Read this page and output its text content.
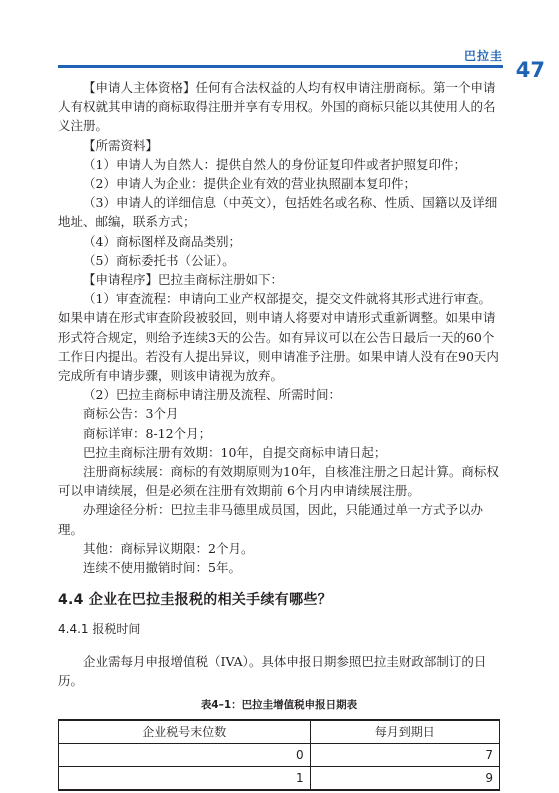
巴拉圭
47

【申请人主体资格】任何有合法权益的人均有权申请注册商标。第一个申请人有权就其申请的商标取得注册并享有专用权。外国的商标只能以其使用人的名义注册。

【所需资料】

（1）申请人为自然人：提供自然人的身份证复印件或者护照复印件；

（2）申请人为企业：提供企业有效的营业执照副本复印件；

（3）申请人的详细信息（中英文），包括姓名或名称、性质、国籍以及详细地址、邮编，联系方式；

（4）商标图样及商品类别；

（5）商标委托书（公证）。

【申请程序】巴拉圭商标注册如下：

（1）审查流程：申请向工业产权部提交，提交文件就将其形式进行审查。如果申请在形式审查阶段被驳回，则申请人将要对申请形式重新调整。如果申请形式符合规定，则给予连续3天的公告。如有异议可以在公告日最后一天的60个工作日内提出。若没有人提出异议，则申请准予注册。如果申请人没有在90天内完成所有申请步骤，则该申请视为放弃。

（2）巴拉圭商标申请注册及流程、所需时间：

商标公告：3个月

商标详审：8-12个月；

巴拉圭商标注册有效期：10年，自提交商标申请日起；

注册商标续展：商标的有效期原则为10年，自核准注册之日起计算。商标权可以申请续展，但是必须在注册有效期前 6个月内申请续展注册。

办理途径分析：巴拉圭非马德里成员国，因此，只能通过单一方式予以办理。

其他：商标异议期限：2个月。

连续不使用撤销时间：5年。

4.4 企业在巴拉圭报税的相关手续有哪些？
4.4.1 报税时间

企业需每月申报增值税（IVA）。具体申报日期参照巴拉圭财政部制订的日历。

表4–1：巴拉圭增值税申报日期表
企业税号末位数	每月到期日
0	7
1	9
